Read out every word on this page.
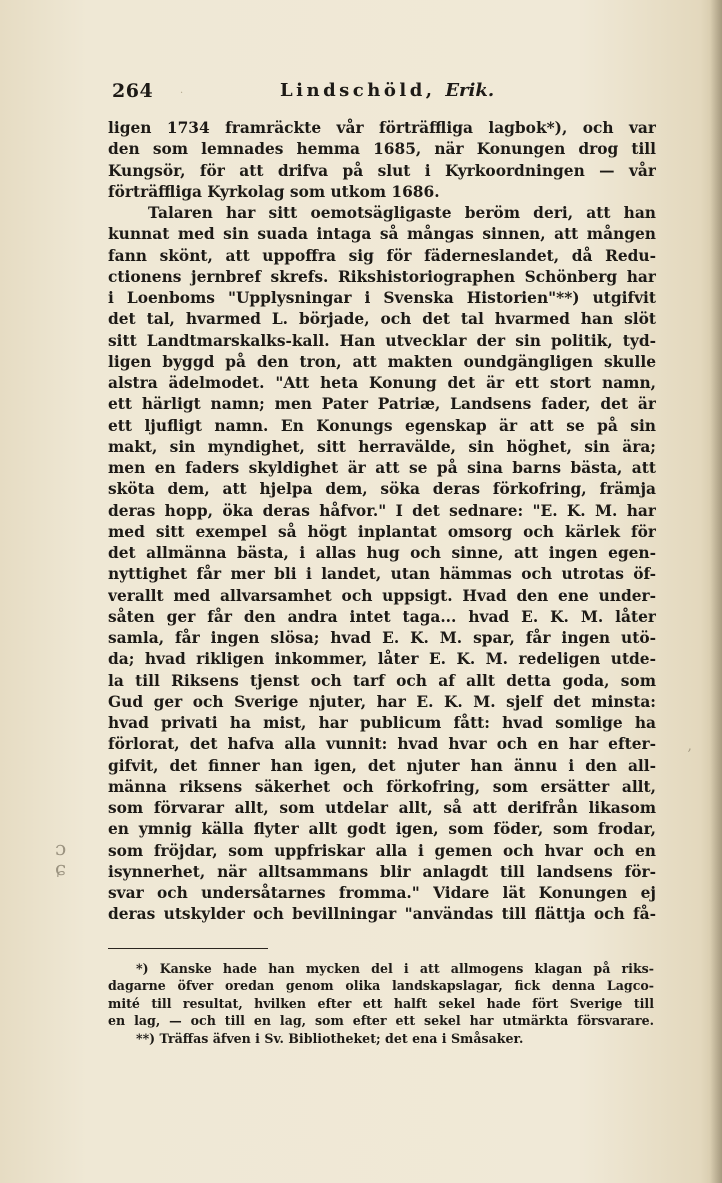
·
264	Lindschöld, Erik.
ligen 1734 framräckte vår förträffliga lagbok*), och var
den som lemnades hemma 1685, när Konungen drog till
Kungsör, för att drifva på slut i Kyrkoordningen — vår
förträffliga Kyrkolag som utkom 1686.
Talaren har sitt oemotsägligaste beröm deri, att han
kunnat med sin suada intaga så mångas sinnen, att mången
fann skönt, att uppoffra sig för fäderneslandet, då Redu-
ctionens jernbref skrefs. Rikshistoriographen Schönberg har
i Loenboms "Upplysningar i Svenska Historien"**) utgifvit
det tal, hvarmed L. började, och det tal hvarmed han slöt
sitt Landtmarskalks-kall. Han utvecklar der sin politik, tyd-
ligen byggd på den tron, att makten oundgängligen skulle
alstra ädelmodet. "Att heta Konung det är ett stort namn,
ett härligt namn; men Pater Patriæ, Landsens fader, det är
ett ljufligt namn. En Konungs egenskap är att se på sin
makt, sin myndighet, sitt herravälde, sin höghet, sin ära;
men en faders skyldighet är att se på sina barns bästa, att
sköta dem, att hjelpa dem, söka deras förkofring, främja
deras hopp, öka deras håfvor." I det sednare: "E. K. M. har
med sitt exempel så högt inplantat omsorg och kärlek för
det allmänna bästa, i allas hug och sinne, att ingen egen-
nyttighet får mer bli i landet, utan hämmas och utrotas öf-
verallt med allvarsamhet och uppsigt. Hvad den ene under-
såten ger får den andra intet taga... hvad E. K. M. låter
samla, får ingen slösa; hvad E. K. M. spar, får ingen utö-
da; hvad rikligen inkommer, låter E. K. M. redeligen utde-
la till Riksens tjenst och tarf och af allt detta goda, som
Gud ger och Sverige njuter, har E. K. M. sjelf det minsta:
hvad privati ha mist, har publicum fått: hvad somlige ha
förlorat, det hafva alla vunnit: hvad hvar och en har efter-
gifvit, det finner han igen, det njuter han ännu i den all-
männa riksens säkerhet och förkofring, som ersätter allt,
som förvarar allt, som utdelar allt, så att derifrån likasom
en ymnig källa flyter allt godt igen, som föder, som frodar,
som fröjdar, som uppfriskar alla i gemen och hvar och en
isynnerhet, när alltsammans blir anlagdt till landsens för-
svar och undersåtarnes fromma." Vidare lät Konungen ej
deras utskylder och bevillningar "användas till flättja och få-
*) Kanske hade han mycken del i att allmogens klagan på riks-
dagarne öfver oredan genom olika landskapslagar, fick denna Lagco-
mité till resultat, hvilken efter ett halft sekel hade fört Sverige till
en lag, — och till en lag, som efter ett sekel har utmärkta försvarare.
**) Träffas äfven i Sv. Bibliotheket; det ena i Småsaker.
ɔ
ɕ
,
